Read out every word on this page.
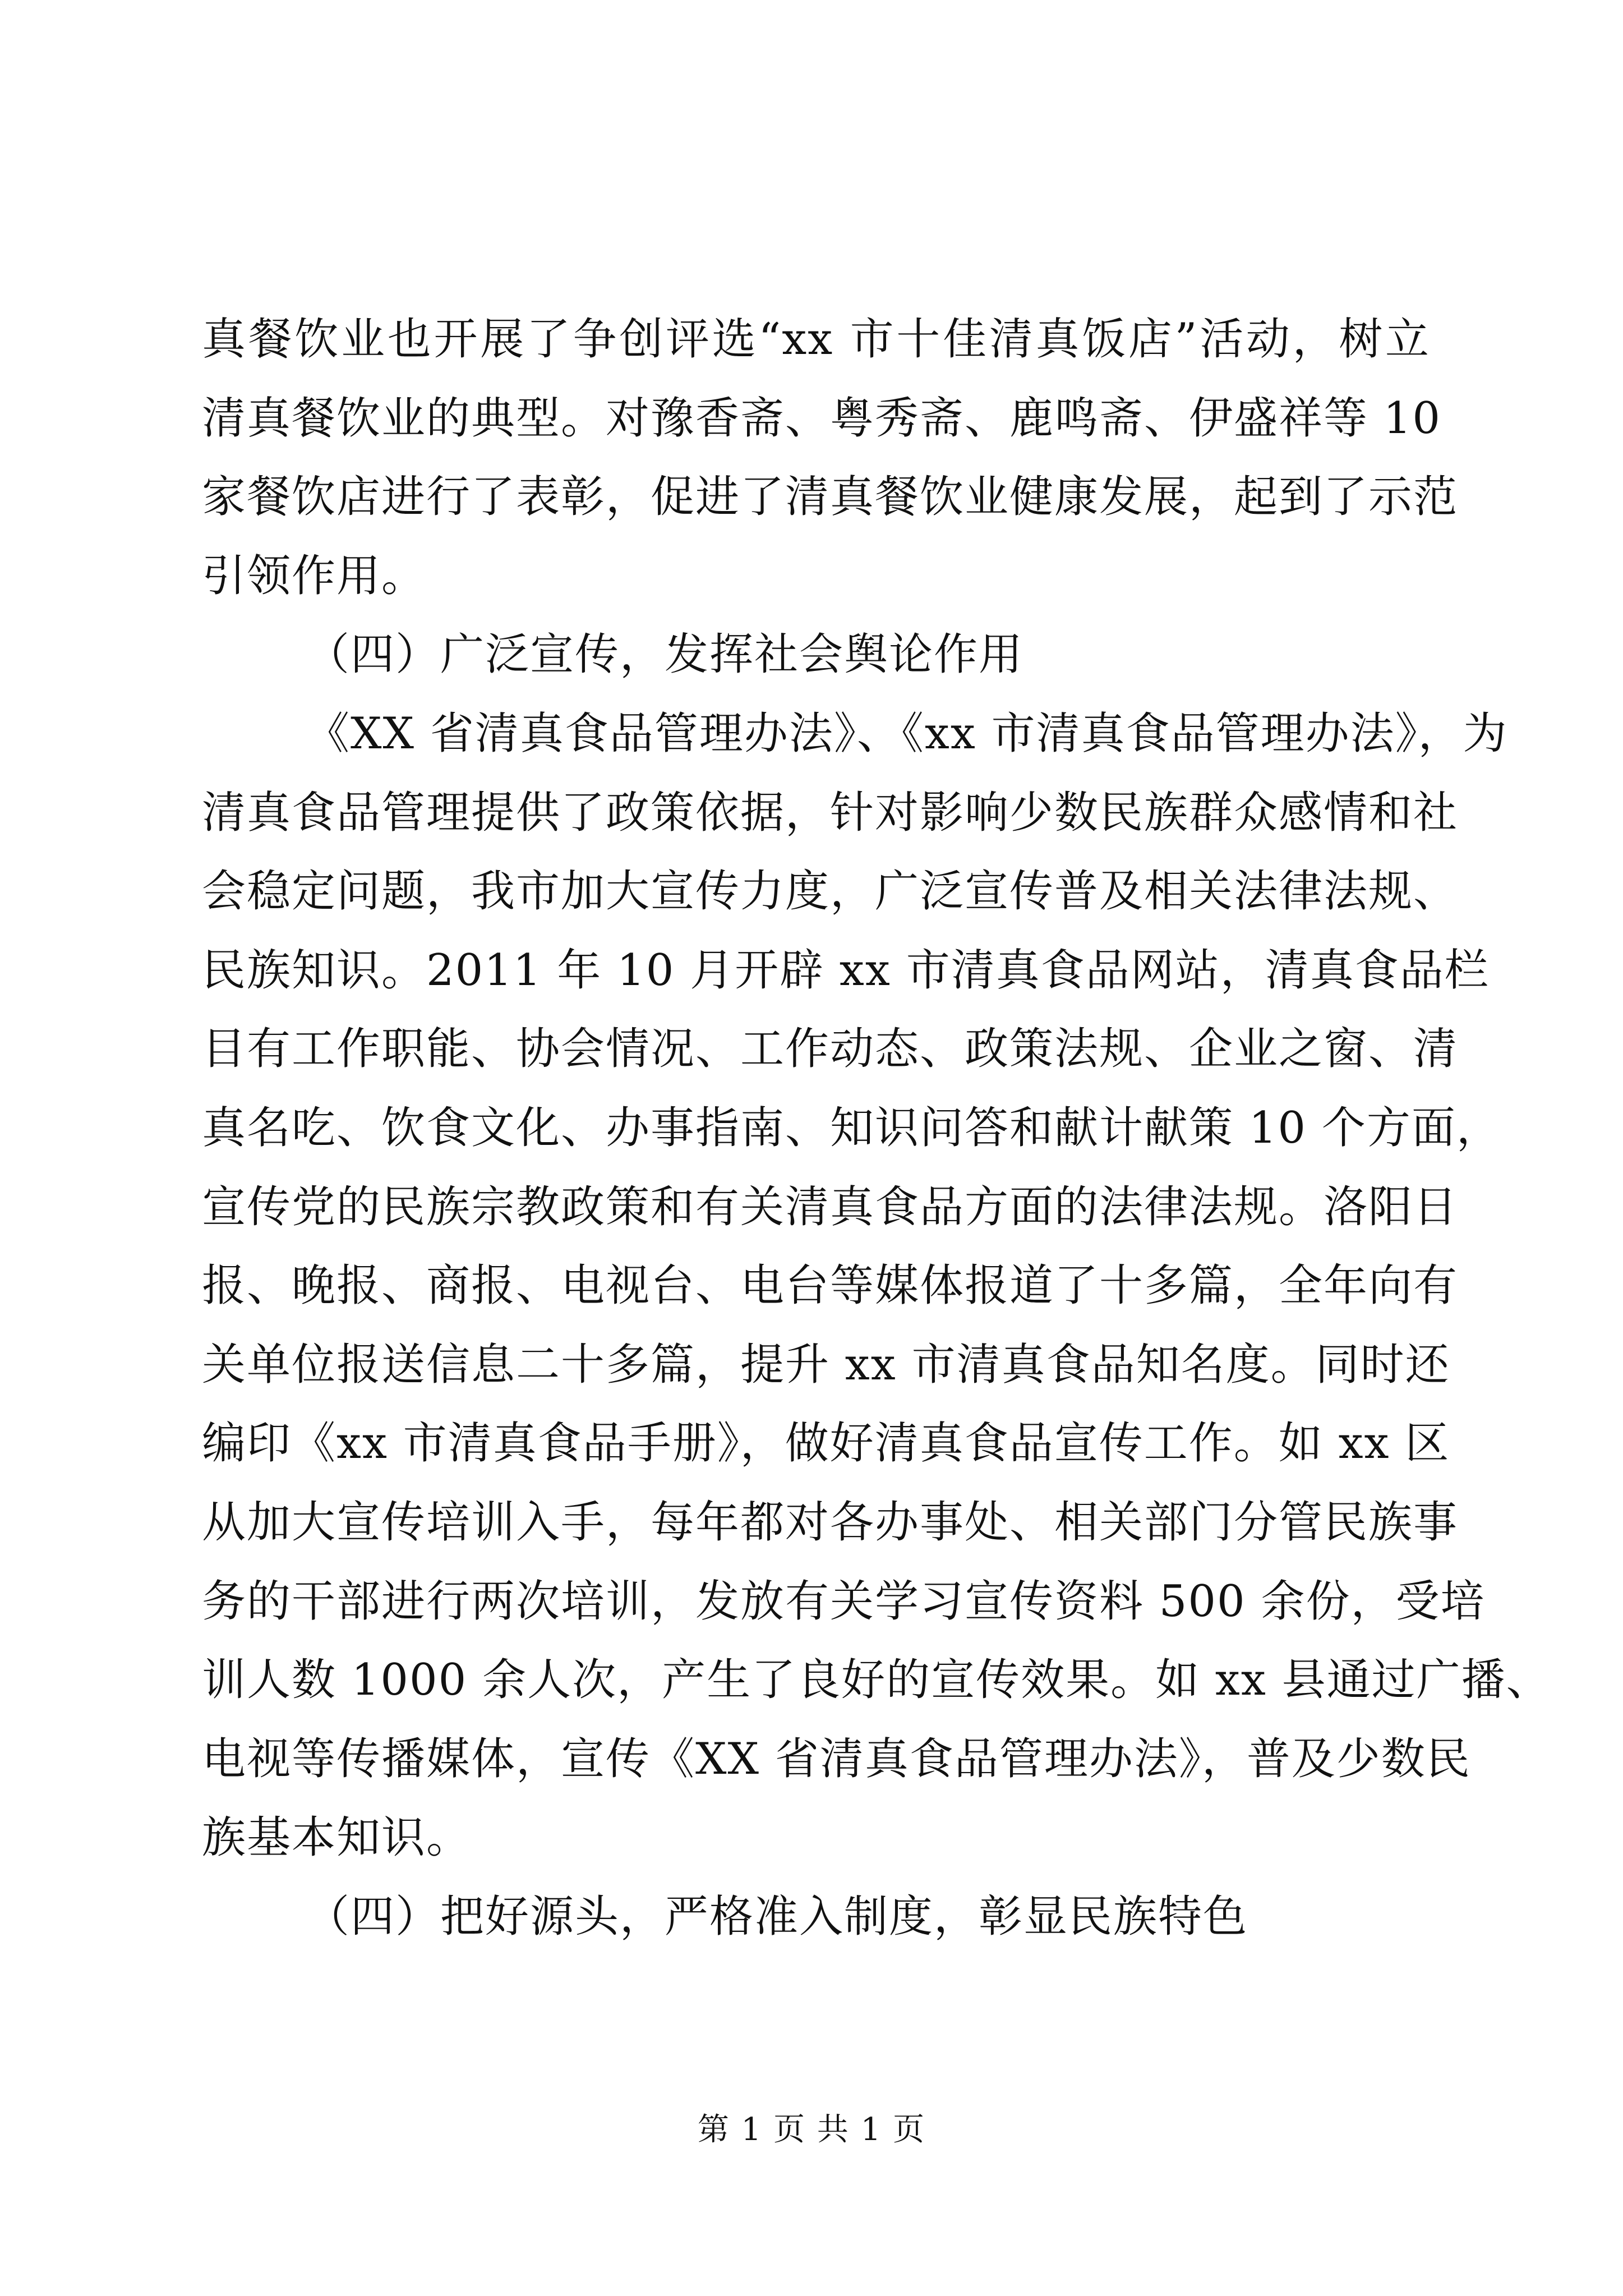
真餐饮业也开展了争创评选“xx 市十佳清真饭店”活动，树立
清真餐饮业的典型。对豫香斋、粤秀斋、鹿鸣斋、伊盛祥等 10
家餐饮店进行了表彰，促进了清真餐饮业健康发展，起到了示范
引领作用。
（四）广泛宣传，发挥社会舆论作用
《XX 省清真食品管理办法》、《xx 市清真食品管理办法》，为
清真食品管理提供了政策依据，针对影响少数民族群众感情和社
会稳定问题，我市加大宣传力度，广泛宣传普及相关法律法规、
民族知识。2011 年 10 月开辟 xx 市清真食品网站，清真食品栏
目有工作职能、协会情况、工作动态、政策法规、企业之窗、清
真名吃、饮食文化、办事指南、知识问答和献计献策 10 个方面，
宣传党的民族宗教政策和有关清真食品方面的法律法规。洛阳日
报、晚报、商报、电视台、电台等媒体报道了十多篇，全年向有
关单位报送信息二十多篇，提升 xx 市清真食品知名度。同时还
编印《xx 市清真食品手册》，做好清真食品宣传工作。如 xx 区
从加大宣传培训入手，每年都对各办事处、相关部门分管民族事
务的干部进行两次培训，发放有关学习宣传资料 500 余份，受培
训人数 1000 余人次，产生了良好的宣传效果。如 xx 县通过广播、
电视等传播媒体，宣传《XX 省清真食品管理办法》，普及少数民
族基本知识。
（四）把好源头，严格准入制度，彰显民族特色
第 1 页 共 1 页
